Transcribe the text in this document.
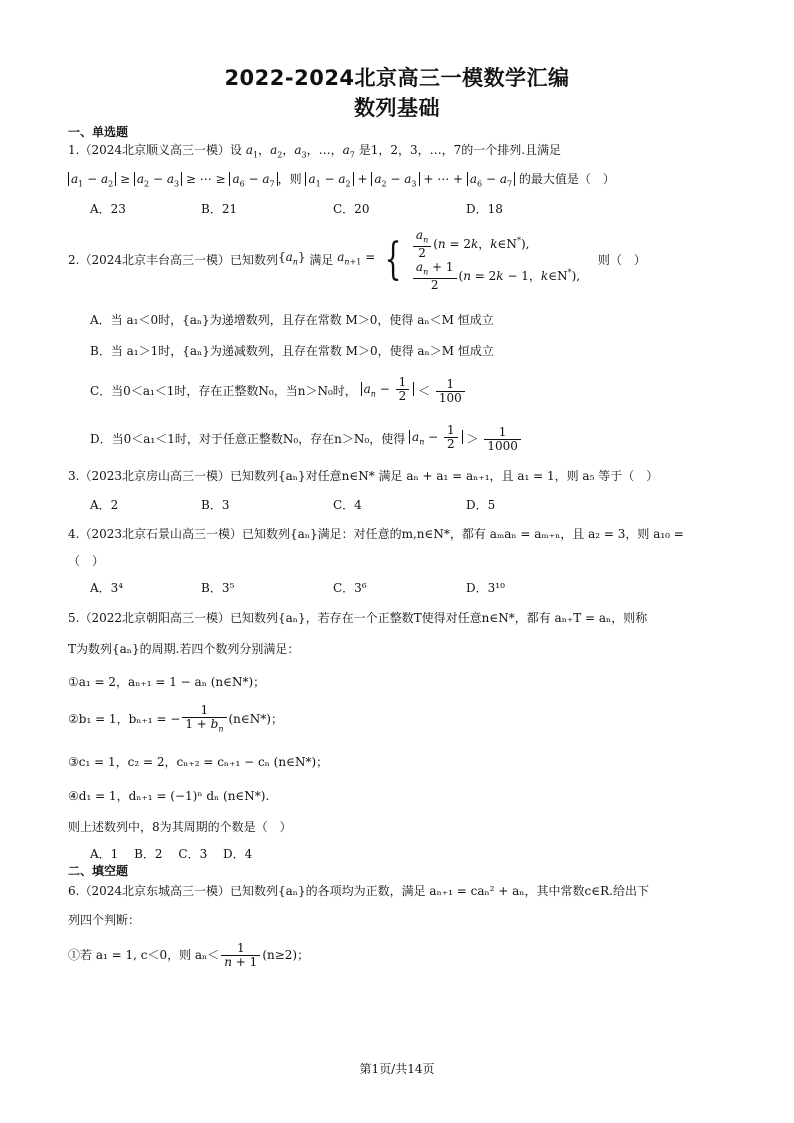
2022-2024北京高三一模数学汇编
数列基础
一、单选题
1.（2024北京顺义高三一模）设 $a_1$，$a_2$，$a_3$，…，$a_7$ 是1，2，3，…，7的一个排列.且满足
$a_1 - a_2 \ge a_2 - a_3$ ≥ ⋯ ≥ $a_6 - a_7$ ，则 $a_1 - a_2 + a_2 - a_3$ + ⋯ + $a_6 - a_7$ 的最大值是（　）
A．23	B．21	C．20	D．18
2.（2024北京丰台高三一模）已知数列$\{a_n\}$ 满足 $a_{n+1}$ = { $\frac{a_n}{2} (n = 2k$，k∈N*),
$\frac{a_n + 1}{2} (n = 2k - 1$，k∈N*),
则（　）
A．当 a₁＜0时，{aₙ}为递增数列，且存在常数 M＞0，使得 aₙ＜M 恒成立
B．当 a₁＞1时，{aₙ}为递减数列，且存在常数 M＞0，使得 aₙ＞M 恒成立
C．当0＜a₁＜1时，存在正整数N₀，当n＞N₀时， $a_n - \frac{1}{2} < \frac{1}{100}$
D．当0＜a₁＜1时，对于任意正整数N₀，存在n＞N₀，使得 $a_n - \frac{1}{2} > \frac{1}{1000}$
3.（2023北京房山高三一模）已知数列{aₙ}对任意n∈N* 满足 aₙ + a₁ = aₙ₊₁，且 a₁ = 1，则 a₅ 等于（　）
A．2	B．3	C．4	D．5
4.（2023北京石景山高三一模）已知数列{aₙ}满足：对任意的m,n∈N*，都有 aₘaₙ = aₘ₊ₙ，且 a₂ = 3，则 a₁₀ =
（　）
A．3⁴	B．3⁵	C．3⁶	D．3¹⁰
5.（2022北京朝阳高三一模）已知数列{aₙ}，若存在一个正整数T使得对任意n∈N*，都有 aₙ₊T = aₙ，则称
T为数列{aₙ}的周期.若四个数列分别满足：
①a₁ = 2，aₙ₊₁ = 1 − aₙ (n∈N*)；
②b₁ = 1，bₙ₊₁ = − $\frac{1}{1 + b_n}$ (n∈N*)；
③c₁ = 1，c₂ = 2，cₙ₊₂ = cₙ₊₁ − cₙ (n∈N*)；
④d₁ = 1，dₙ₊₁ = (−1)ⁿ dₙ (n∈N*).
则上述数列中，8为其周期的个数是（　）
A．1　 B．2　 C．3　 D．4
二、填空题
6.（2024北京东城高三一模）已知数列{aₙ}的各项均为正数，满足 aₙ₊₁ = caₙ² + aₙ，其中常数c∈R.给出下
列四个判断：
①若 a₁ = 1, c＜0，则 $a_n< \frac{1}{n + 1} (n\ge 2)$；
第1页/共14页
